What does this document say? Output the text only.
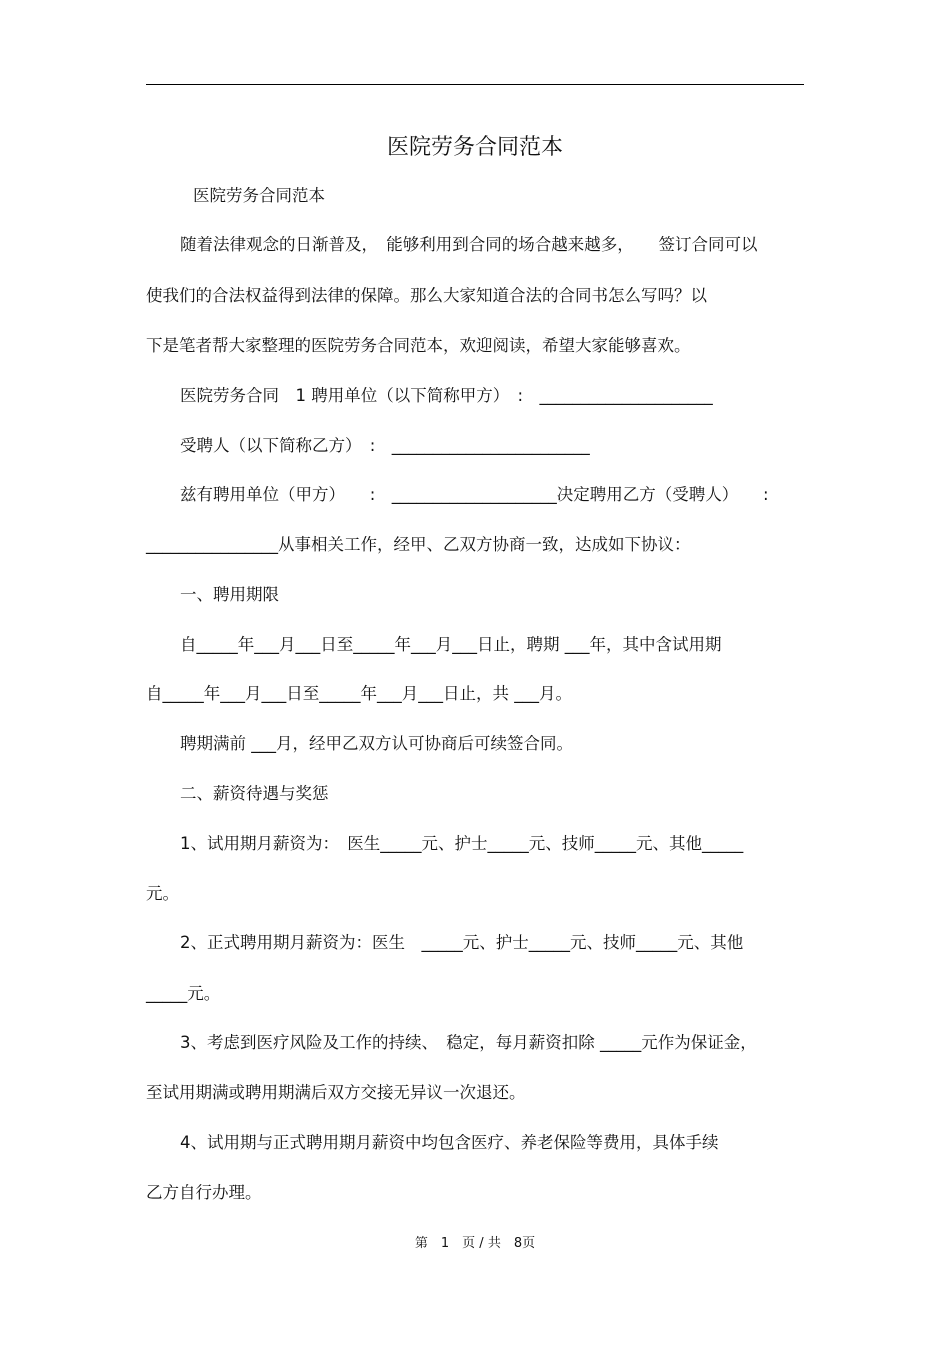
医院劳务合同范本
医院劳务合同范本
随着法律观念的日渐普及，　能够利用到合同的场合越来越多，　　签订合同可以
使我们的合法权益得到法律的保障。那么大家知道合法的合同书怎么写吗？以
下是笔者帮大家整理的医院劳务合同范本，欢迎阅读，希望大家能够喜欢。
医院劳务合同　1 聘用单位（以下简称甲方）　:　_____________________
受聘人（以下简称乙方）　:　________________________
兹有聘用单位（甲方）　　:　____________________决定聘用乙方（受聘人）　　:
________________从事相关工作，经甲、乙双方协商一致，达成如下协议：
一、聘用期限
自_____年___月___日至_____年___月___日止，聘期 ___年，其中含试用期
自_____年___月___日至_____年___月___日止，共 ___月。
聘期满前 ___月，经甲乙双方认可协商后可续签合同。
二、薪资待遇与奖惩
1、试用期月薪资为：　医生_____元、护士_____元、技师_____元、其他_____
元。
2、正式聘用期月薪资为：医生　_____元、护士_____元、技师_____元、其他
_____元。
3、考虑到医疗风险及工作的持续、　稳定，每月薪资扣除 _____元作为保证金，
至试用期满或聘用期满后双方交接无异议一次退还。
4、试用期与正式聘用期月薪资中均包含医疗、养老保险等费用，具体手续
乙方自行办理。
第　1　页 / 共　8页
